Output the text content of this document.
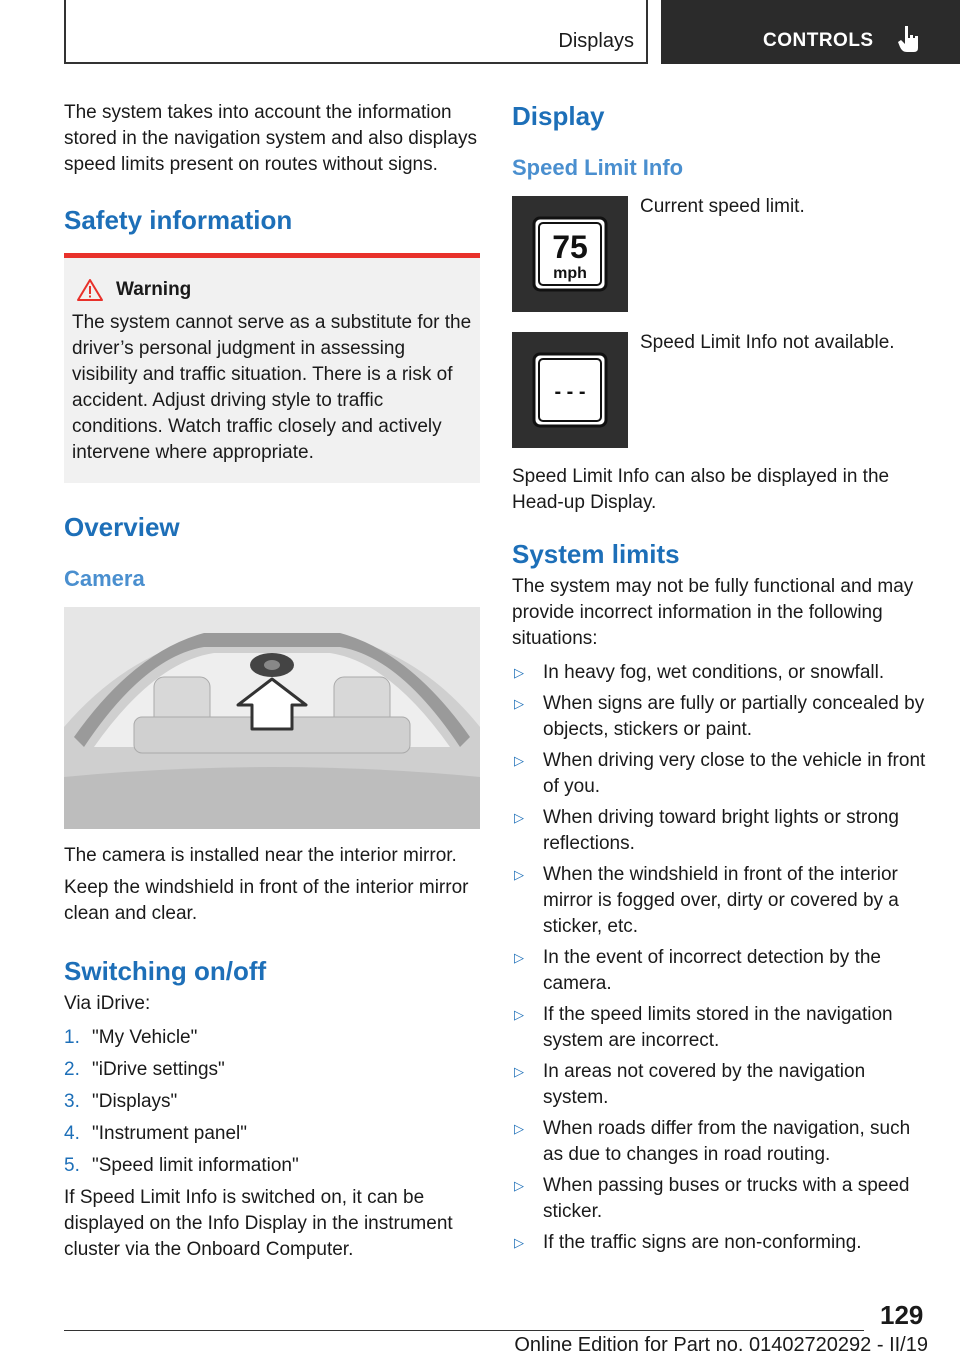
Displays	CONTROLS

The system takes into account the information stored in the navigation system and also displays speed limits present on routes without signs.

Safety information
Warning

The system cannot serve as a substitute for the driver’s personal judgment in assessing visibility and traffic situation. There is a risk of accident. Adjust driving style to traffic conditions. Watch traffic closely and actively intervene where appropriate.

Overview
Camera

The camera is installed near the interior mirror.

Keep the windshield in front of the interior mirror clean and clear.

Switching on/off

Via iDrive:

1. "My Vehicle"
2. "iDrive settings"
3. "Displays"
4. "Instrument panel"
5. "Speed limit information"

If Speed Limit Info is switched on, it can be displayed on the Info Display in the instrument cluster via the Onboard Computer.

Display
Speed Limit Info
75
mph
Current speed limit.
- - -
Speed Limit Info not available.

Speed Limit Info can also be displayed in the Head-up Display.

System limits

The system may not be fully functional and may provide incorrect information in the following situations:

▷	In heavy fog, wet conditions, or snowfall.
▷	When signs are fully or partially concealed by objects, stickers or paint.
▷	When driving very close to the vehicle in front of you.
▷	When driving toward bright lights or strong reflections.
▷	When the windshield in front of the interior mirror is fogged over, dirty or covered by a sticker, etc.
▷	In the event of incorrect detection by the camera.
▷	If the speed limits stored in the navigation system are incorrect.
▷	In areas not covered by the navigation system.
▷	When roads differ from the navigation, such as due to changes in road routing.
▷	When passing buses or trucks with a speed sticker.
▷	If the traffic signs are non-conforming.
129
Online Edition for Part no. 01402720292 - II/19
